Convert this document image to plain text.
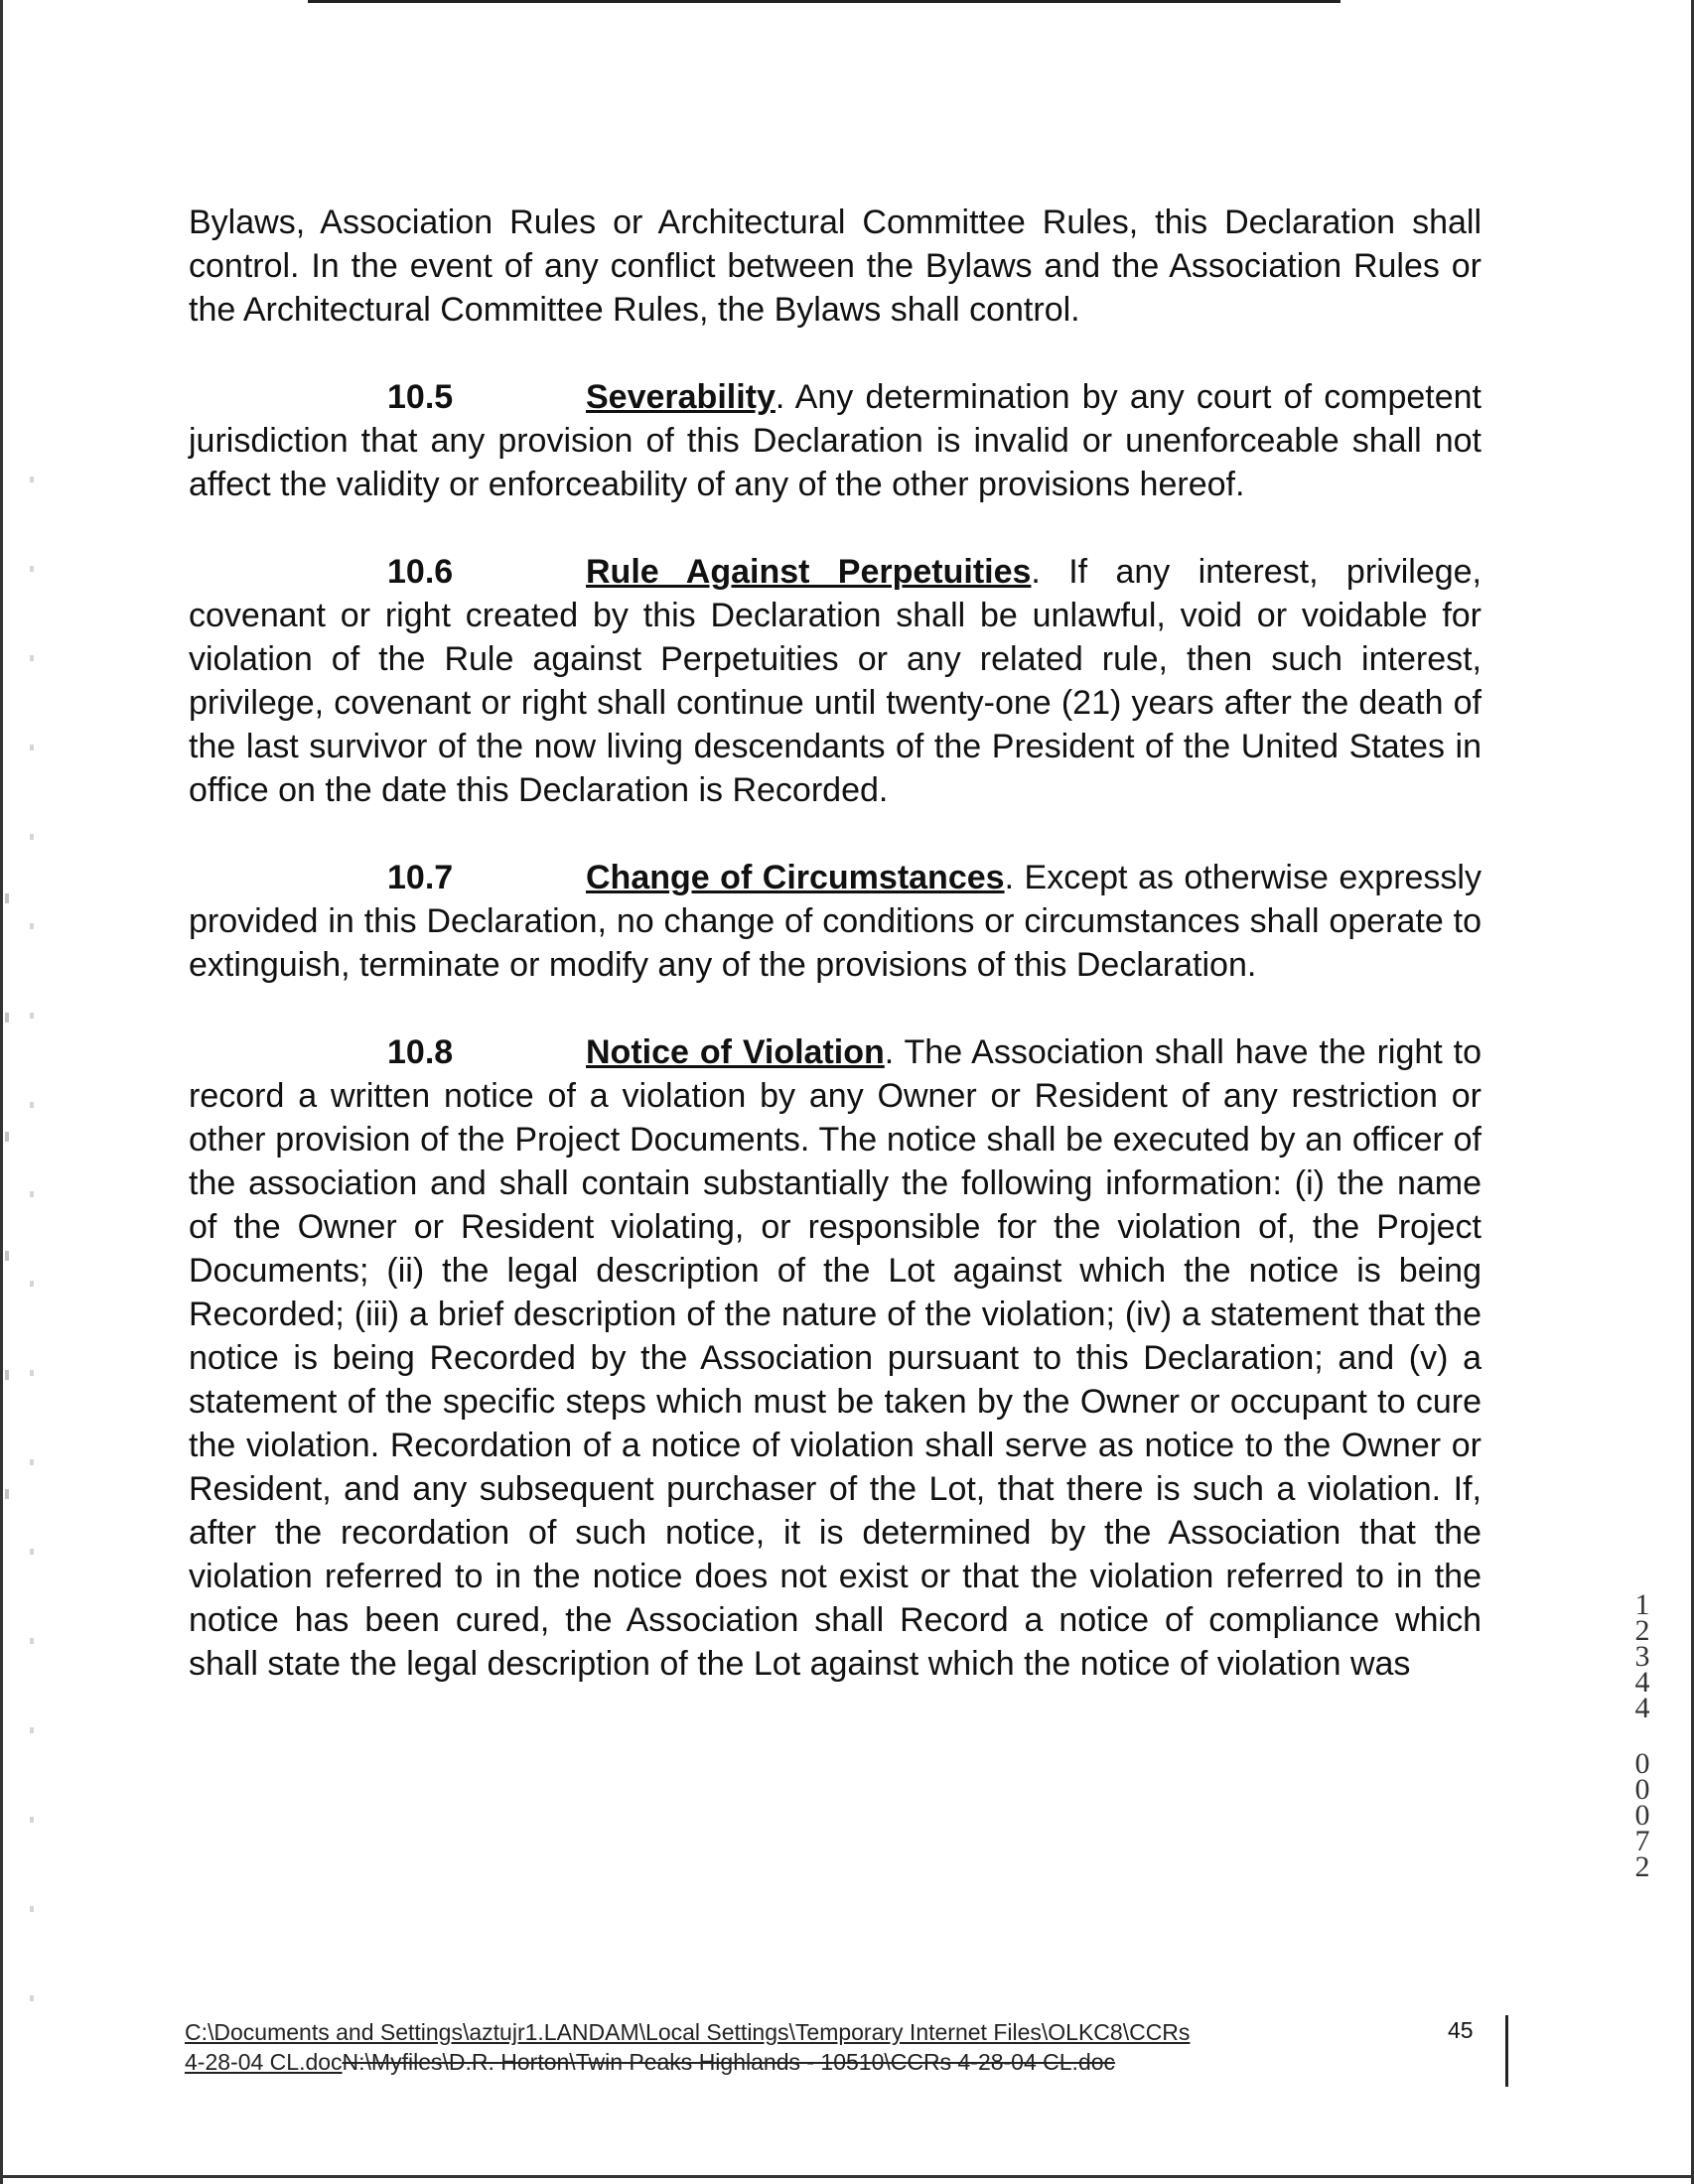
Bylaws, Association Rules or Architectural Committee Rules, this Declaration shall control. In the event of any conflict between the Bylaws and the Association Rules or the Architectural Committee Rules, the Bylaws shall control.

10.5	Severability. Any determination by any court of competent jurisdiction that any provision of this Declaration is invalid or unenforceable shall not affect the validity or enforceability of any of the other provisions hereof.

10.6	Rule Against Perpetuities. If any interest, privilege, covenant or right created by this Declaration shall be unlawful, void or voidable for violation of the Rule against Perpetuities or any related rule, then such interest, privilege, covenant or right shall continue until twenty-one (21) years after the death of the last survivor of the now living descendants of the President of the United States in office on the date this Declaration is Recorded.

10.7	Change of Circumstances. Except as otherwise expressly provided in this Declaration, no change of conditions or circumstances shall operate to extinguish, terminate or modify any of the provisions of this Declaration.

10.8	Notice of Violation. The Association shall have the right to record a written notice of a violation by any Owner or Resident of any restriction or other provision of the Project Documents. The notice shall be executed by an officer of the association and shall contain substantially the following information: (i) the name of the Owner or Resident violating, or responsible for the violation of, the Project Documents; (ii) the legal description of the Lot against which the notice is being Recorded; (iii) a brief description of the nature of the violation; (iv) a statement that the notice is being Recorded by the Association pursuant to this Declaration; and (v) a statement of the specific steps which must be taken by the Owner or occupant to cure the violation. Recordation of a notice of violation shall serve as notice to the Owner or Resident, and any subsequent purchaser of the Lot, that there is such a violation. If, after the recordation of such notice, it is determined by the Association that the violation referred to in the notice does not exist or that the violation referred to in the notice has been cured, the Association shall Record a notice of compliance which shall state the legal description of the Lot against which the notice of violation was

1
2
3
4
4
0
0
0
7
2
C:\Documents and Settings\aztujr1.LANDAM\Local Settings\Temporary Internet Files\OLKC8\CCRs
4-28-04 CL.docN:\Myfiles\D.R. Horton\Twin Peaks Highlands - 10510\CCRs 4-28-04 CL.doc
45
